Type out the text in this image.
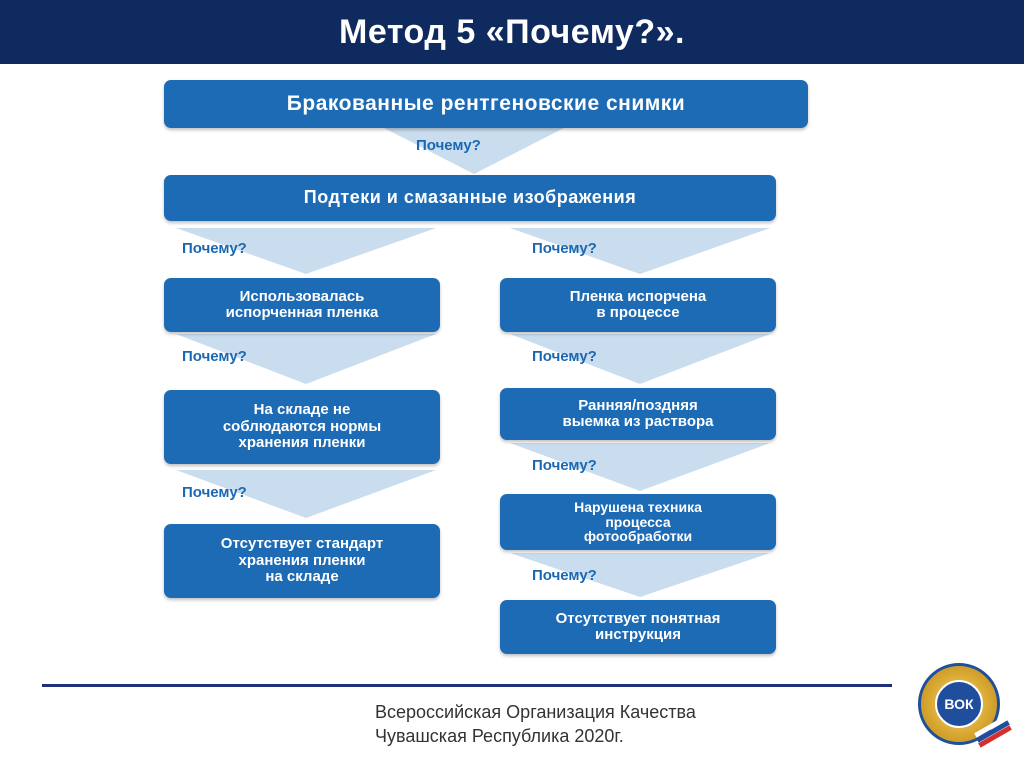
Метод 5 «Почему?».
Почему?
Почему?	Почему?
Почему?	Почему?
Почему?
Почему?
Почему?
Бракованные рентгеновские снимки
Подтеки и смазанные изображения
Использовалась
испорченная пленка
На складе не
соблюдаются нормы
хранения пленки
Отсутствует стандарт
хранения пленки
на складе
Пленка испорчена
в процессе
Ранняя/поздняя
выемка из раствора
Нарушена техника
процесса
фотообработки
Отсутствует понятная
инструкция
Всероссийская Организация Качества
Чувашская Республика 2020г.
ВОК
